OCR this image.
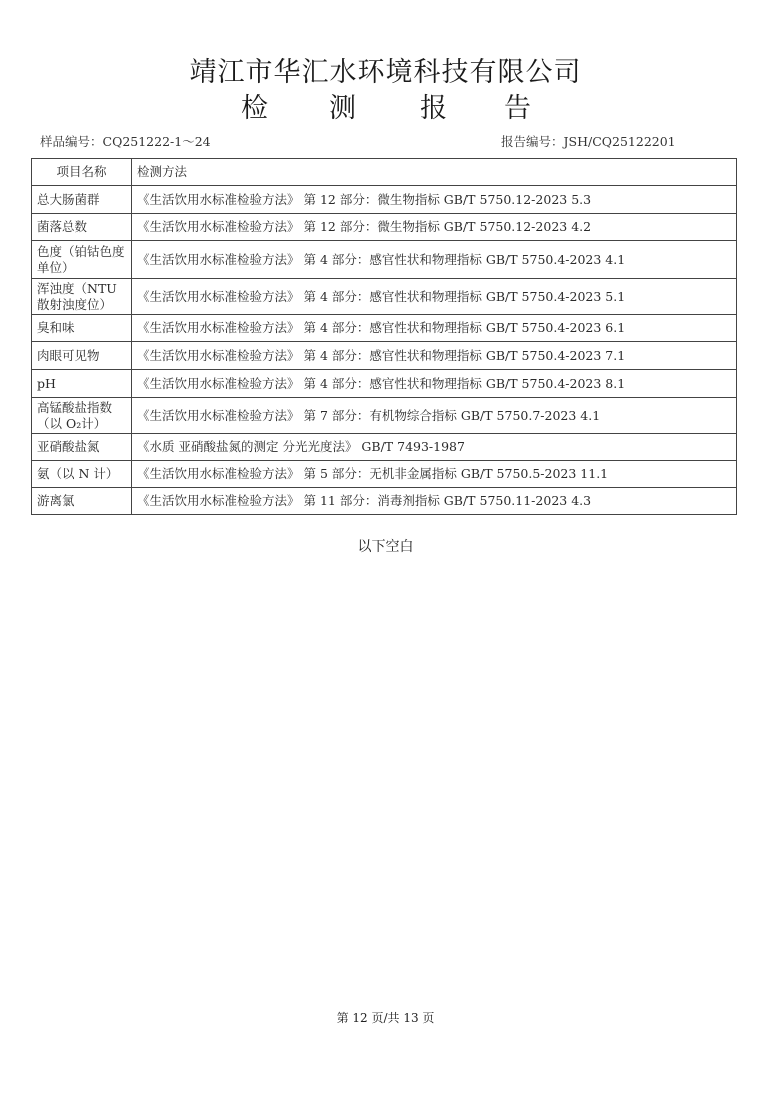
靖江市华汇水环境科技有限公司
检 测 报 告
样品编号：CQ251222-1～24	报告编号：JSH/CQ25122201
项目名称	检测方法
总大肠菌群	《生活饮用水标准检验方法》 第 12 部分：微生物指标 GB/T 5750.12-2023 5.3
菌落总数	《生活饮用水标准检验方法》 第 12 部分：微生物指标 GB/T 5750.12-2023 4.2
色度（铂钴色度单位）	《生活饮用水标准检验方法》 第 4 部分：感官性状和物理指标 GB/T 5750.4-2023 4.1
浑浊度（NTU 散射浊度位）	《生活饮用水标准检验方法》 第 4 部分：感官性状和物理指标 GB/T 5750.4-2023 5.1
臭和味	《生活饮用水标准检验方法》 第 4 部分：感官性状和物理指标 GB/T 5750.4-2023 6.1
肉眼可见物	《生活饮用水标准检验方法》 第 4 部分：感官性状和物理指标 GB/T 5750.4-2023 7.1
pH	《生活饮用水标准检验方法》 第 4 部分：感官性状和物理指标 GB/T 5750.4-2023 8.1
高锰酸盐指数（以 O₂计）	《生活饮用水标准检验方法》 第 7 部分：有机物综合指标 GB/T 5750.7-2023 4.1
亚硝酸盐氮	《水质 亚硝酸盐氮的测定 分光光度法》 GB/T 7493-1987
氨（以 N 计）	《生活饮用水标准检验方法》 第 5 部分：无机非金属指标 GB/T 5750.5-2023 11.1
游离氯	《生活饮用水标准检验方法》 第 11 部分：消毒剂指标 GB/T 5750.11-2023 4.3
以下空白
第 12 页/共 13 页
